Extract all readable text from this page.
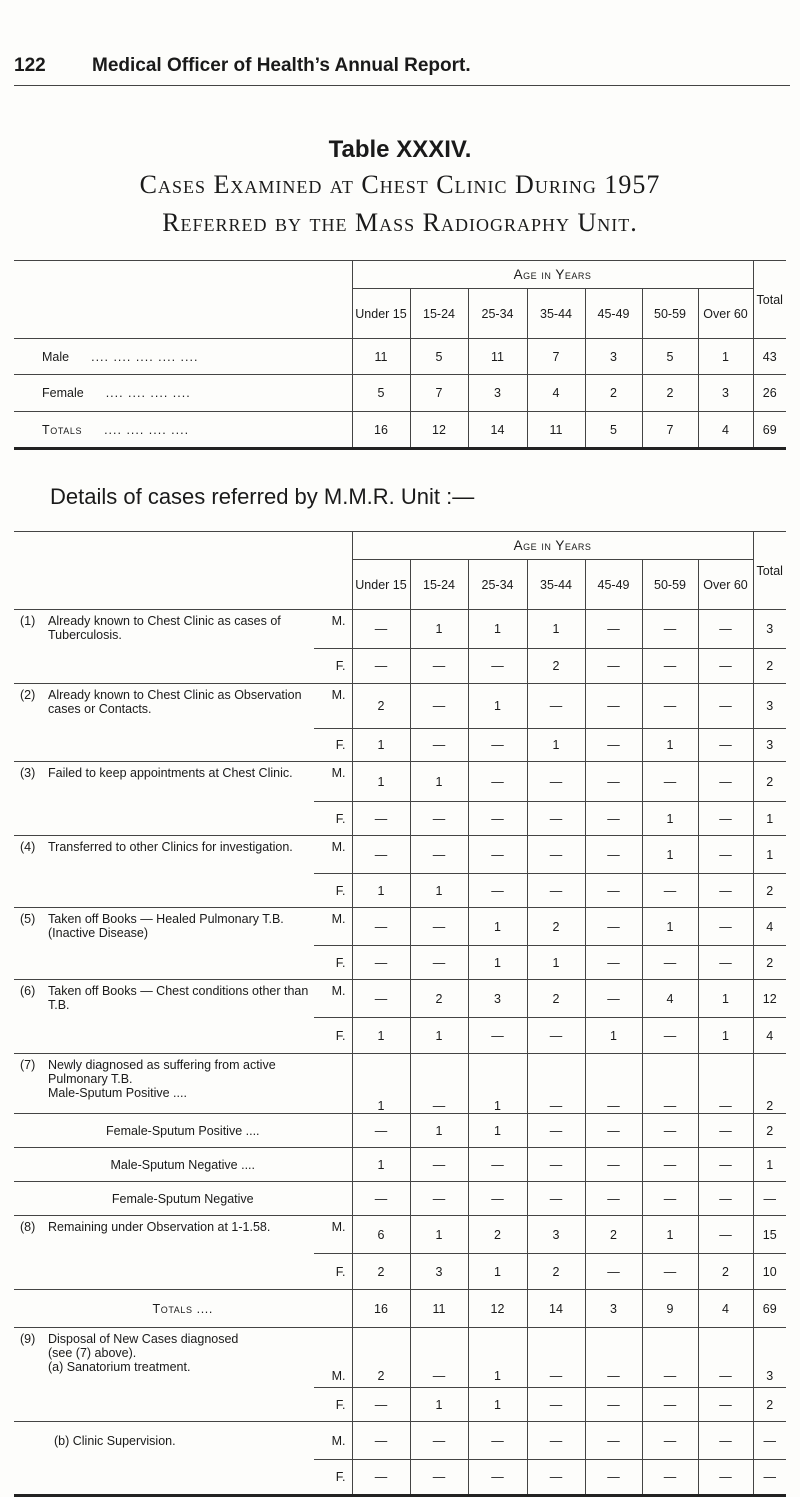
122 Medical Officer of Health’s Annual Report.
Table XXXIV.
Cases Examined at Chest Clinic During 1957
Referred by the Mass Radiography Unit.
	Age in Years							Total
	Under 15	15-24	25-34	35-44	45-49	50-59	Over 60	
Male .... .... .... .... ....	11	5	11	7	3	5	1	43
Female .... .... .... ....	5	7	3	4	2	2	3	26
Totals .... .... .... ....	16	12	14	11	5	7	4	69
Details of cases referred by M.M.R. Unit :—
		Age in Years							Total
		Under 15	15-24	25-34	35-44	45-49	50-59	Over 60	

(1) Already known to Chest Clinic as cases of Tuberculosis.	M.	—	1	1	1	—	—	—	3
	F.	—	—	—	2	—	—	—	2

(2) Already known to Chest Clinic as Observation cases or Contacts.	M.	2	—	1	—	—	—	—	3
	F.	1	—	—	1	—	1	—	3

(3) Failed to keep appointments at Chest Clinic.	M.	1	1	—	—	—	—	—	2
	F.	—	—	—	—	—	1	—	1

(4) Transferred to other Clinics for investigation.	M.	—	—	—	—	—	1	—	1
	F.	1	1	—	—	—	—	—	2

(5) Taken off Books — Healed Pulmonary T.B. (Inactive Disease)	M.	—	—	1	2	—	1	—	4
	F.	—	—	1	1	—	—	—	2

(6) Taken off Books — Chest conditions other than T.B.	M.	—	2	3	2	—	4	1	12
	F.	1	1	—	—	1	—	1	4

(7) Newly diagnosed as suffering from active Pulmonary T.B.
Male-Sputum Positive ....		1	—	1	—	—	—	—	2
Female-Sputum Positive ....		—	1	1	—	—	—	—	2
Male-Sputum Negative ....		1	—	—	—	—	—	—	1
Female-Sputum Negative		—	—	—	—	—	—	—	—

(8) Remaining under Observation at 1-1.58.	M.	6	1	2	3	2	1	—	15
	F.	2	3	1	2	—	—	2	10
Totals ....		16	11	12	14	3	9	4	69

(9) Disposal of New Cases diagnosed (see (7) above).
(a) Sanatorium treatment.	M.	2	—	1	—	—	—	—	3
	F.	—	1	1	—	—	—	—	2
(b) Clinic Supervision.	M.	—	—	—	—	—	—	—	—
	F.	—	—	—	—	—	—	—	—
